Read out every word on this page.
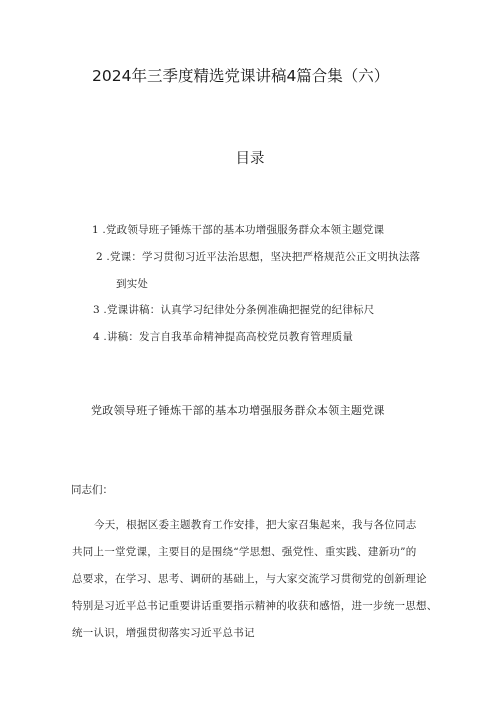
2024年三季度精选党课讲稿4篇合集（六）
目录
1 .党政领导班子锤炼干部的基本功增强服务群众本领主题党课
2 .党课：学习贯彻习近平法治思想，坚决把严格规范公正文明执法落
到实处
3 .党课讲稿：认真学习纪律处分条例准确把握党的纪律标尺
4 .讲稿：发言自我革命精神提高高校党员教育管理质量
党政领导班子锤炼干部的基本功增强服务群众本领主题党课
同志们：
今天，根据区委主题教育工作安排，把大家召集起来，我与各位同志
共同上一堂党课，主要目的是围绕“学思想、强党性、重实践、建新功”的
总要求，在学习、思考、调研的基础上，与大家交流学习贯彻党的创新理论
特别是习近平总书记重要讲话重要指示精神的收获和感悟，进一步统一思想、
统一认识，增强贯彻落实习近平总书记
